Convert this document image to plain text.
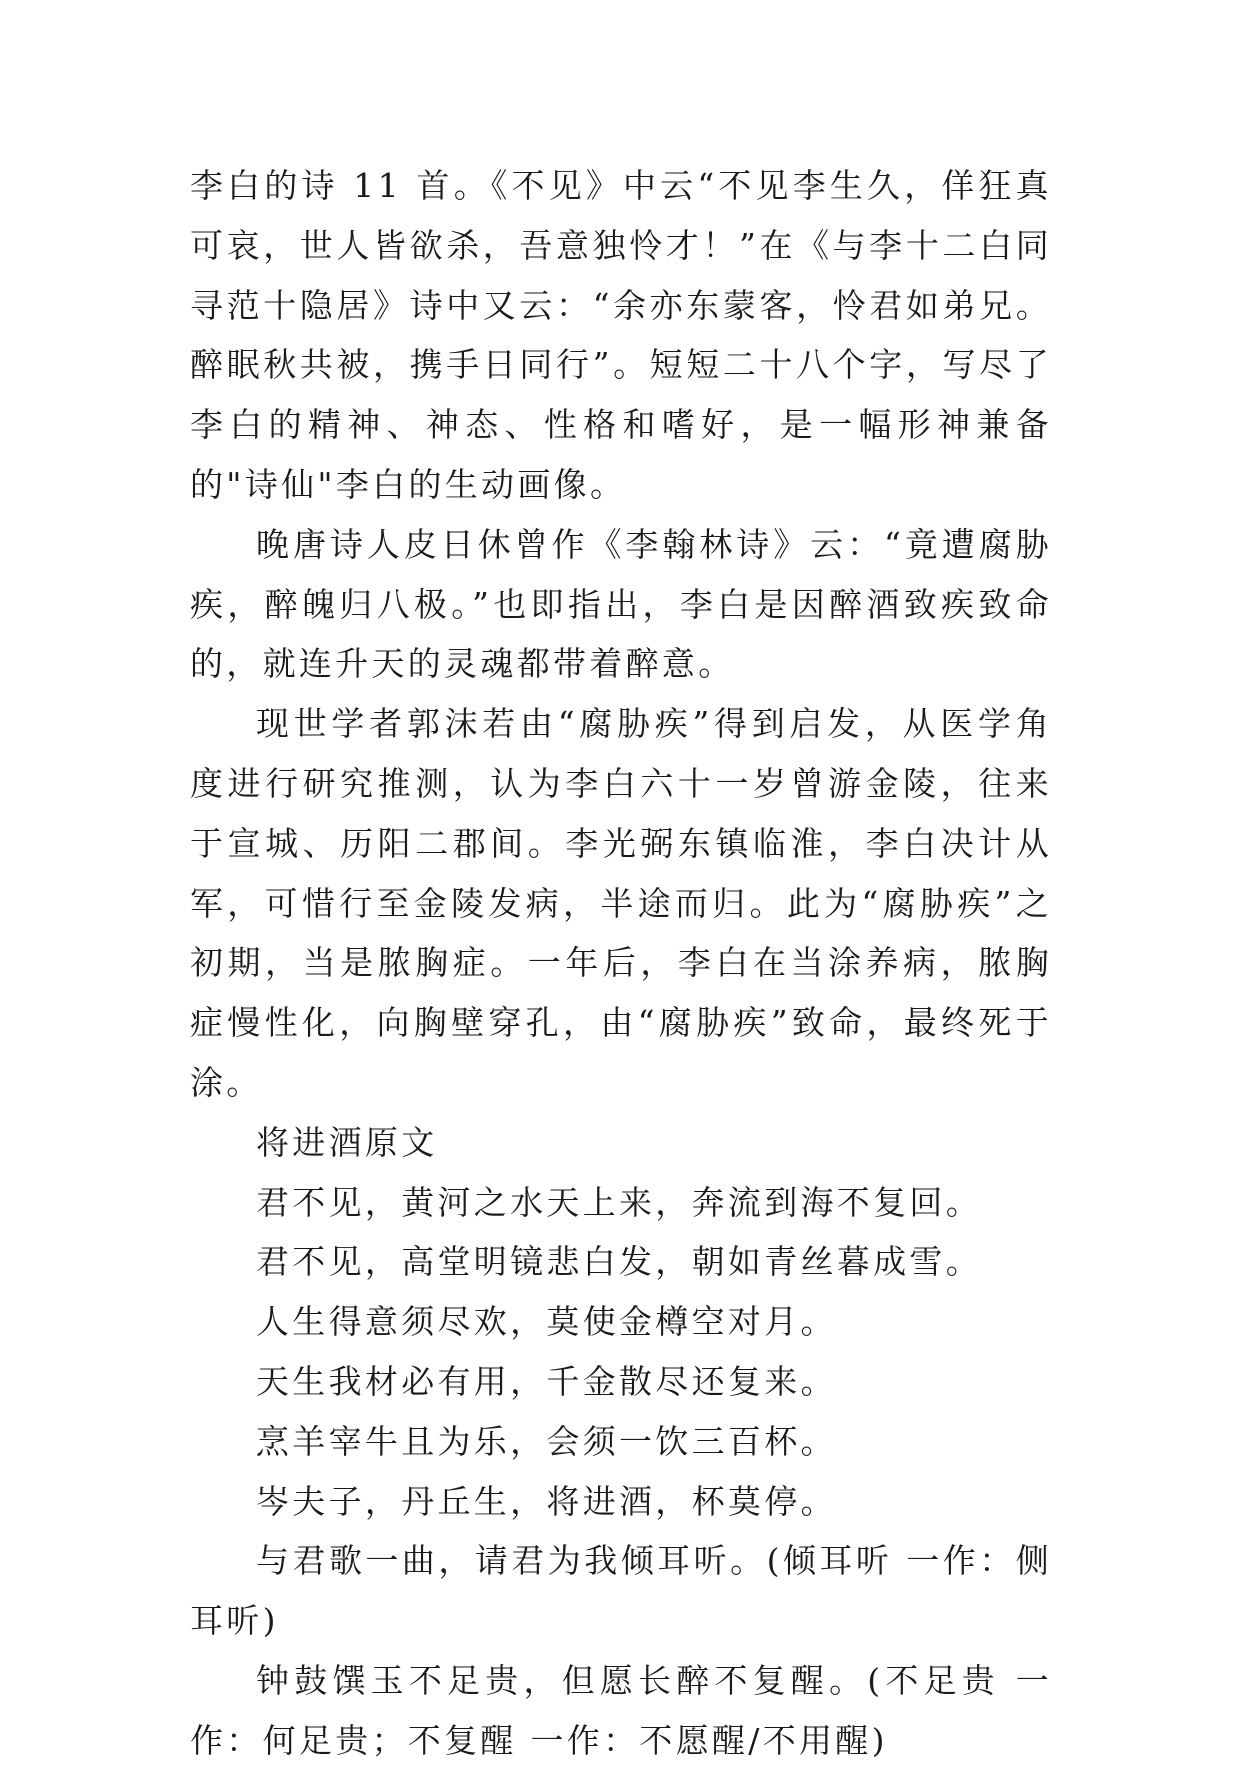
李白的诗 11 首。《不见》中云“不见李生久，佯狂真可哀，世人皆欲杀，吾意独怜才！”在《与李十二白同寻范十隐居》诗中又云：“余亦东蒙客，怜君如弟兄。醉眠秋共被，携手日同行”。短短二十八个字，写尽了李白的精神、神态、性格和嗜好，是一幅形神兼备的"诗仙"李白的生动画像。

晚唐诗人皮日休曾作《李翰林诗》云：“竟遭腐胁疾，醉魄归八极。”也即指出，李白是因醉酒致疾致命的，就连升天的灵魂都带着醉意。

现世学者郭沫若由“腐胁疾”得到启发，从医学角度进行研究推测，认为李白六十一岁曾游金陵，往来于宣城、历阳二郡间。李光弼东镇临淮，李白决计从军，可惜行至金陵发病，半途而归。此为“腐胁疾”之初期，当是脓胸症。一年后，李白在当涂养病，脓胸症慢性化，向胸壁穿孔，由“腐胁疾”致命，最终死于涂。

将进酒原文

君不见，黄河之水天上来，奔流到海不复回。

君不见，高堂明镜悲白发，朝如青丝暮成雪。

人生得意须尽欢，莫使金樽空对月。

天生我材必有用，千金散尽还复来。

烹羊宰牛且为乐，会须一饮三百杯。

岑夫子，丹丘生，将进酒，杯莫停。

与君歌一曲，请君为我倾耳听。(倾耳听 一作：侧耳听)

钟鼓馔玉不足贵，但愿长醉不复醒。(不足贵 一作：何足贵；不复醒 一作：不愿醒/不用醒)
